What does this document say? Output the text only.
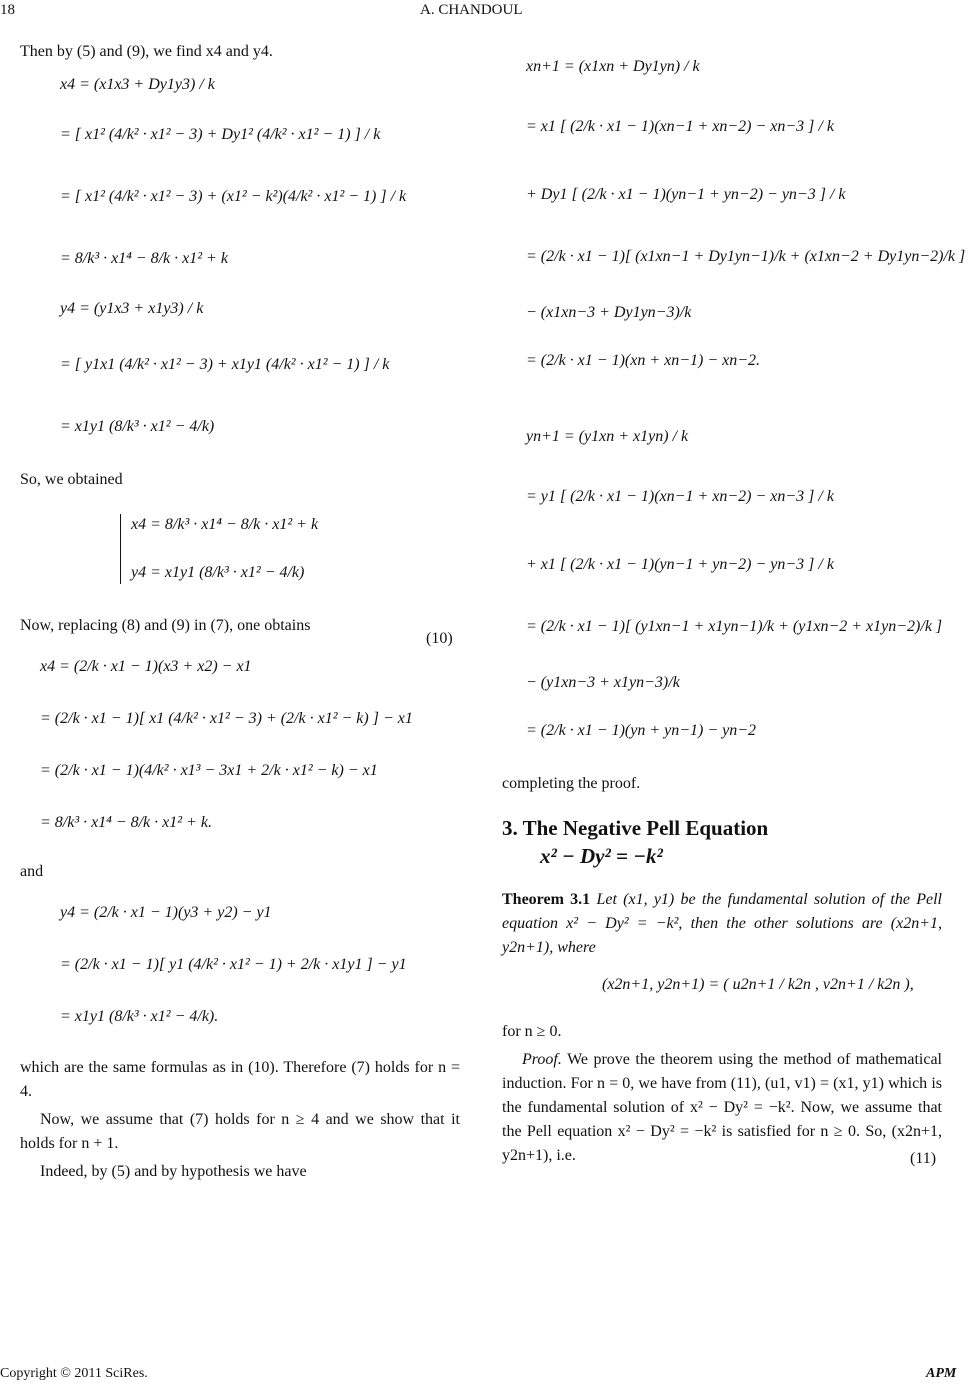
18	A. CHANDOUL

Then by (5) and (9), we find x4 and y4.

x4 = (x1x3 + Dy1y3) / k
= [ x1² (4/k² · x1² − 3) + Dy1² (4/k² · x1² − 1) ] / k
= [ x1² (4/k² · x1² − 3) + (x1² − k²)(4/k² · x1² − 1) ] / k
= 8/k³ · x1⁴ − 8/k · x1² + k
y4 = (y1x3 + x1y3) / k
= [ y1x1 (4/k² · x1² − 3) + x1y1 (4/k² · x1² − 1) ] / k
= x1y1 (8/k³ · x1² − 4/k)

So, we obtained

x4 = 8/k³ · x1⁴ − 8/k · x1² + k
y4 = x1y1 (8/k³ · x1² − 4/k)
(10)

Now, replacing (8) and (9) in (7), one obtains

x4 = (2/k · x1 − 1)(x3 + x2) − x1
= (2/k · x1 − 1)[ x1 (4/k² · x1² − 3) + (2/k · x1² − k) ] − x1
= (2/k · x1 − 1)(4/k² · x1³ − 3x1 + 2/k · x1² − k) − x1
= 8/k³ · x1⁴ − 8/k · x1² + k.

and

y4 = (2/k · x1 − 1)(y3 + y2) − y1
= (2/k · x1 − 1)[ y1 (4/k² · x1² − 1) + 2/k · x1y1 ] − y1
= x1y1 (8/k³ · x1² − 4/k).

which are the same formulas as in (10). Therefore (7) holds for n = 4.

Now, we assume that (7) holds for n ≥ 4 and we show that it holds for n + 1.

Indeed, by (5) and by hypothesis we have

xn+1 = (x1xn + Dy1yn) / k
= x1 [ (2/k · x1 − 1)(xn−1 + xn−2) − xn−3 ] / k
+ Dy1 [ (2/k · x1 − 1)(yn−1 + yn−2) − yn−3 ] / k
= (2/k · x1 − 1)[ (x1xn−1 + Dy1yn−1)/k + (x1xn−2 + Dy1yn−2)/k ]
− (x1xn−3 + Dy1yn−3)/k
= (2/k · x1 − 1)(xn + xn−1) − xn−2.
yn+1 = (y1xn + x1yn) / k
= y1 [ (2/k · x1 − 1)(xn−1 + xn−2) − xn−3 ] / k
+ x1 [ (2/k · x1 − 1)(yn−1 + yn−2) − yn−3 ] / k
= (2/k · x1 − 1)[ (y1xn−1 + x1yn−1)/k + (y1xn−2 + x1yn−2)/k ]
− (y1xn−3 + x1yn−3)/k
= (2/k · x1 − 1)(yn + yn−1) − yn−2

completing the proof.

3. The Negative Pell Equation
x² − Dy² = −k²

Theorem 3.1 Let (x1, y1) be the fundamental solution of the Pell equation x² − Dy² = −k², then the other solutions are (x2n+1, y2n+1), where

(x2n+1, y2n+1) = ( u2n+1 / k2n , v2n+1 / k2n ),
(11)

for n ≥ 0.

Proof. We prove the theorem using the method of mathematical induction. For n = 0, we have from (11), (u1, v1) = (x1, y1) which is the fundamental solution of x² − Dy² = −k². Now, we assume that the Pell equation x² − Dy² = −k² is satisfied for n ≥ 0. So, (x2n+1, y2n+1), i.e.

Copyright © 2011 SciRes.	APM
